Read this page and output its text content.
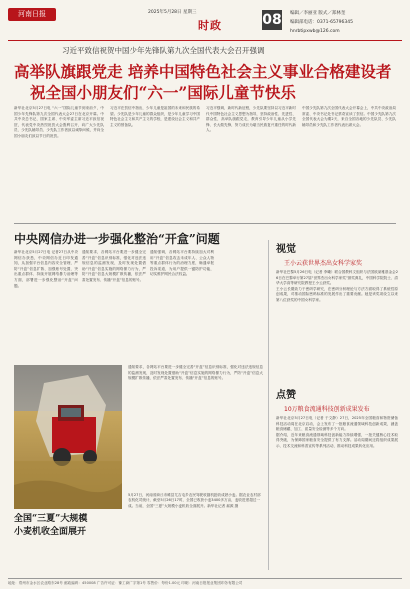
河南日报	2025年5月28日 星期三
时政	08 编辑／李丽亚 版式／郑林奎
编辑部电话：0371-65796345
hnrbtipxwb@126.com
习近平致信祝贺中国少年先锋队第九次全国代表大会召开强调
高举队旗跟党走 培养中国特色社会主义事业合格建设者
祝全国小朋友们“六一”国际儿童节快乐
新华社北京5月27日电 “六一”国际儿童节到来前夕，中国少年先锋队第九次全国代表大会27日在北京开幕。中共中央总书记、国家主席、中央军委主席习近平致信祝贺，代表党中央热烈祝贺大会胜利召开，向广大少先队员、少先队辅导员、少先队工作者致以诚挚问候，并向全国小朋友们致以节日的祝贺。
习近平在贺信中指出，少年儿童是祖国的未来和民族的希望。少先队是少年儿童的群众组织，是少年儿童学习中国特色社会主义和共产主义的学校，是建设社会主义和共产主义的预备队。
习近平强调，新时代新征程，少先队要坚持以习近平新时代中国特色社会主义思想为指导，坚持政治性、先进性、群众性，高举队旗跟党走，教育引导少年儿童从小学先锋、长大做先锋，努力成长为堪当民族复兴重任的时代新人。
中国少先队第九次全国代表大会开幕会上，中共中央政治局常委、中央书记处书记蔡奇宣读了贺信。中国少先队第九次全国代表大会为期2天，来自全国各地的少先队员、少先队辅导员和少先队工作者代表出席大会。
中央网信办进一步强化整治“开盒”问题
新华社北京5月27日电 记者27日从中央网信办获悉，中央网信办近日印发通知，从加强平台信息内容安全管理、严防“开盒”信息扩散、加强账号处置、突出重点群体、持续开展网络暴力治理等方面，部署进一步强化整治“开盒”问题。
通知要求，各网站平台要进一步健全完善“开盒”信息识别标准，强化对违法违规信息的监测发现，及时发现处置借助“开盒”信息实施的网络暴力行为，严防“开盒”信息大规模扩散传播，依法严肃处置发布、传播“开盒”信息的账号。
通知强调，各网站平台要持续加大对利用“开盒”信息攻击未成年人、公众人物等重点群体行为的治理力度，畅通举报投诉渠道，为用户提供一键防护功能，切实维护网民合法权益。
通知要求，各网站平台要进一步健全完善“开盒”信息识别标准，强化对违法违规信息的监测发现，及时发现处置借助“开盒”信息实施的网络暴力行为，严防“开盒”信息大规模扩散传播，依法严肃处置发布、传播“开盒”信息的账号。
全国“三夏”大规模
小麦机收全面展开
5月27日，河南省商丘市睢县尤吉屯乡农民驾驶收割机抢收成熟小麦。据农业农村部农机化司统计，截至5月26日17时，全国已收获小麦3400多万亩，麦收进度超过一成。当前，全国“三夏”大规模小麦机收全面展开。新华社记者 郝源 摄
视觉
王小云获世界杰出女科学家奖
新华社巴黎5月26日电（记者 李曦）联合国教科文组织与法国欧莱雅基金会26日在巴黎举行第27届“世界杰出女科学家奖”颁奖典礼，中国科学院院士、清华大学高等研究院教授王小云获奖。
王小云长期致力于密码学研究，在密码分析理论与方法方面取得了系统性原创成果，对推动国际密码标准的发展作出了重要贡献。她是该奖项设立以来第八位获奖的中国女科学家。
点赞
10万粮食流通科技创新成果发布
新华社北京5月27日电（记者 于文静）27日，2025年全国粮食和物资储备科技活动周在北京启动，会上发布了一批粮食流通领域科技创新成果，涵盖粮食储藏、加工、质量安全检测等多个方向。
据介绍，近年来粮食流通领域科技创新能力持续增强，一批关键核心技术取得突破，为保障国家粮食安全提供了有力支撑。活动周期间还将组织成果展示、技术交流和科普宣传等系列活动，推动科技成果转化应用。
地址：郑州市金水区农业路东28号 邮政编码：450008 广告许可证：豫工商广字第1号 零售价：每份1.00元 印刷：河南日报报业集团印务有限公司
